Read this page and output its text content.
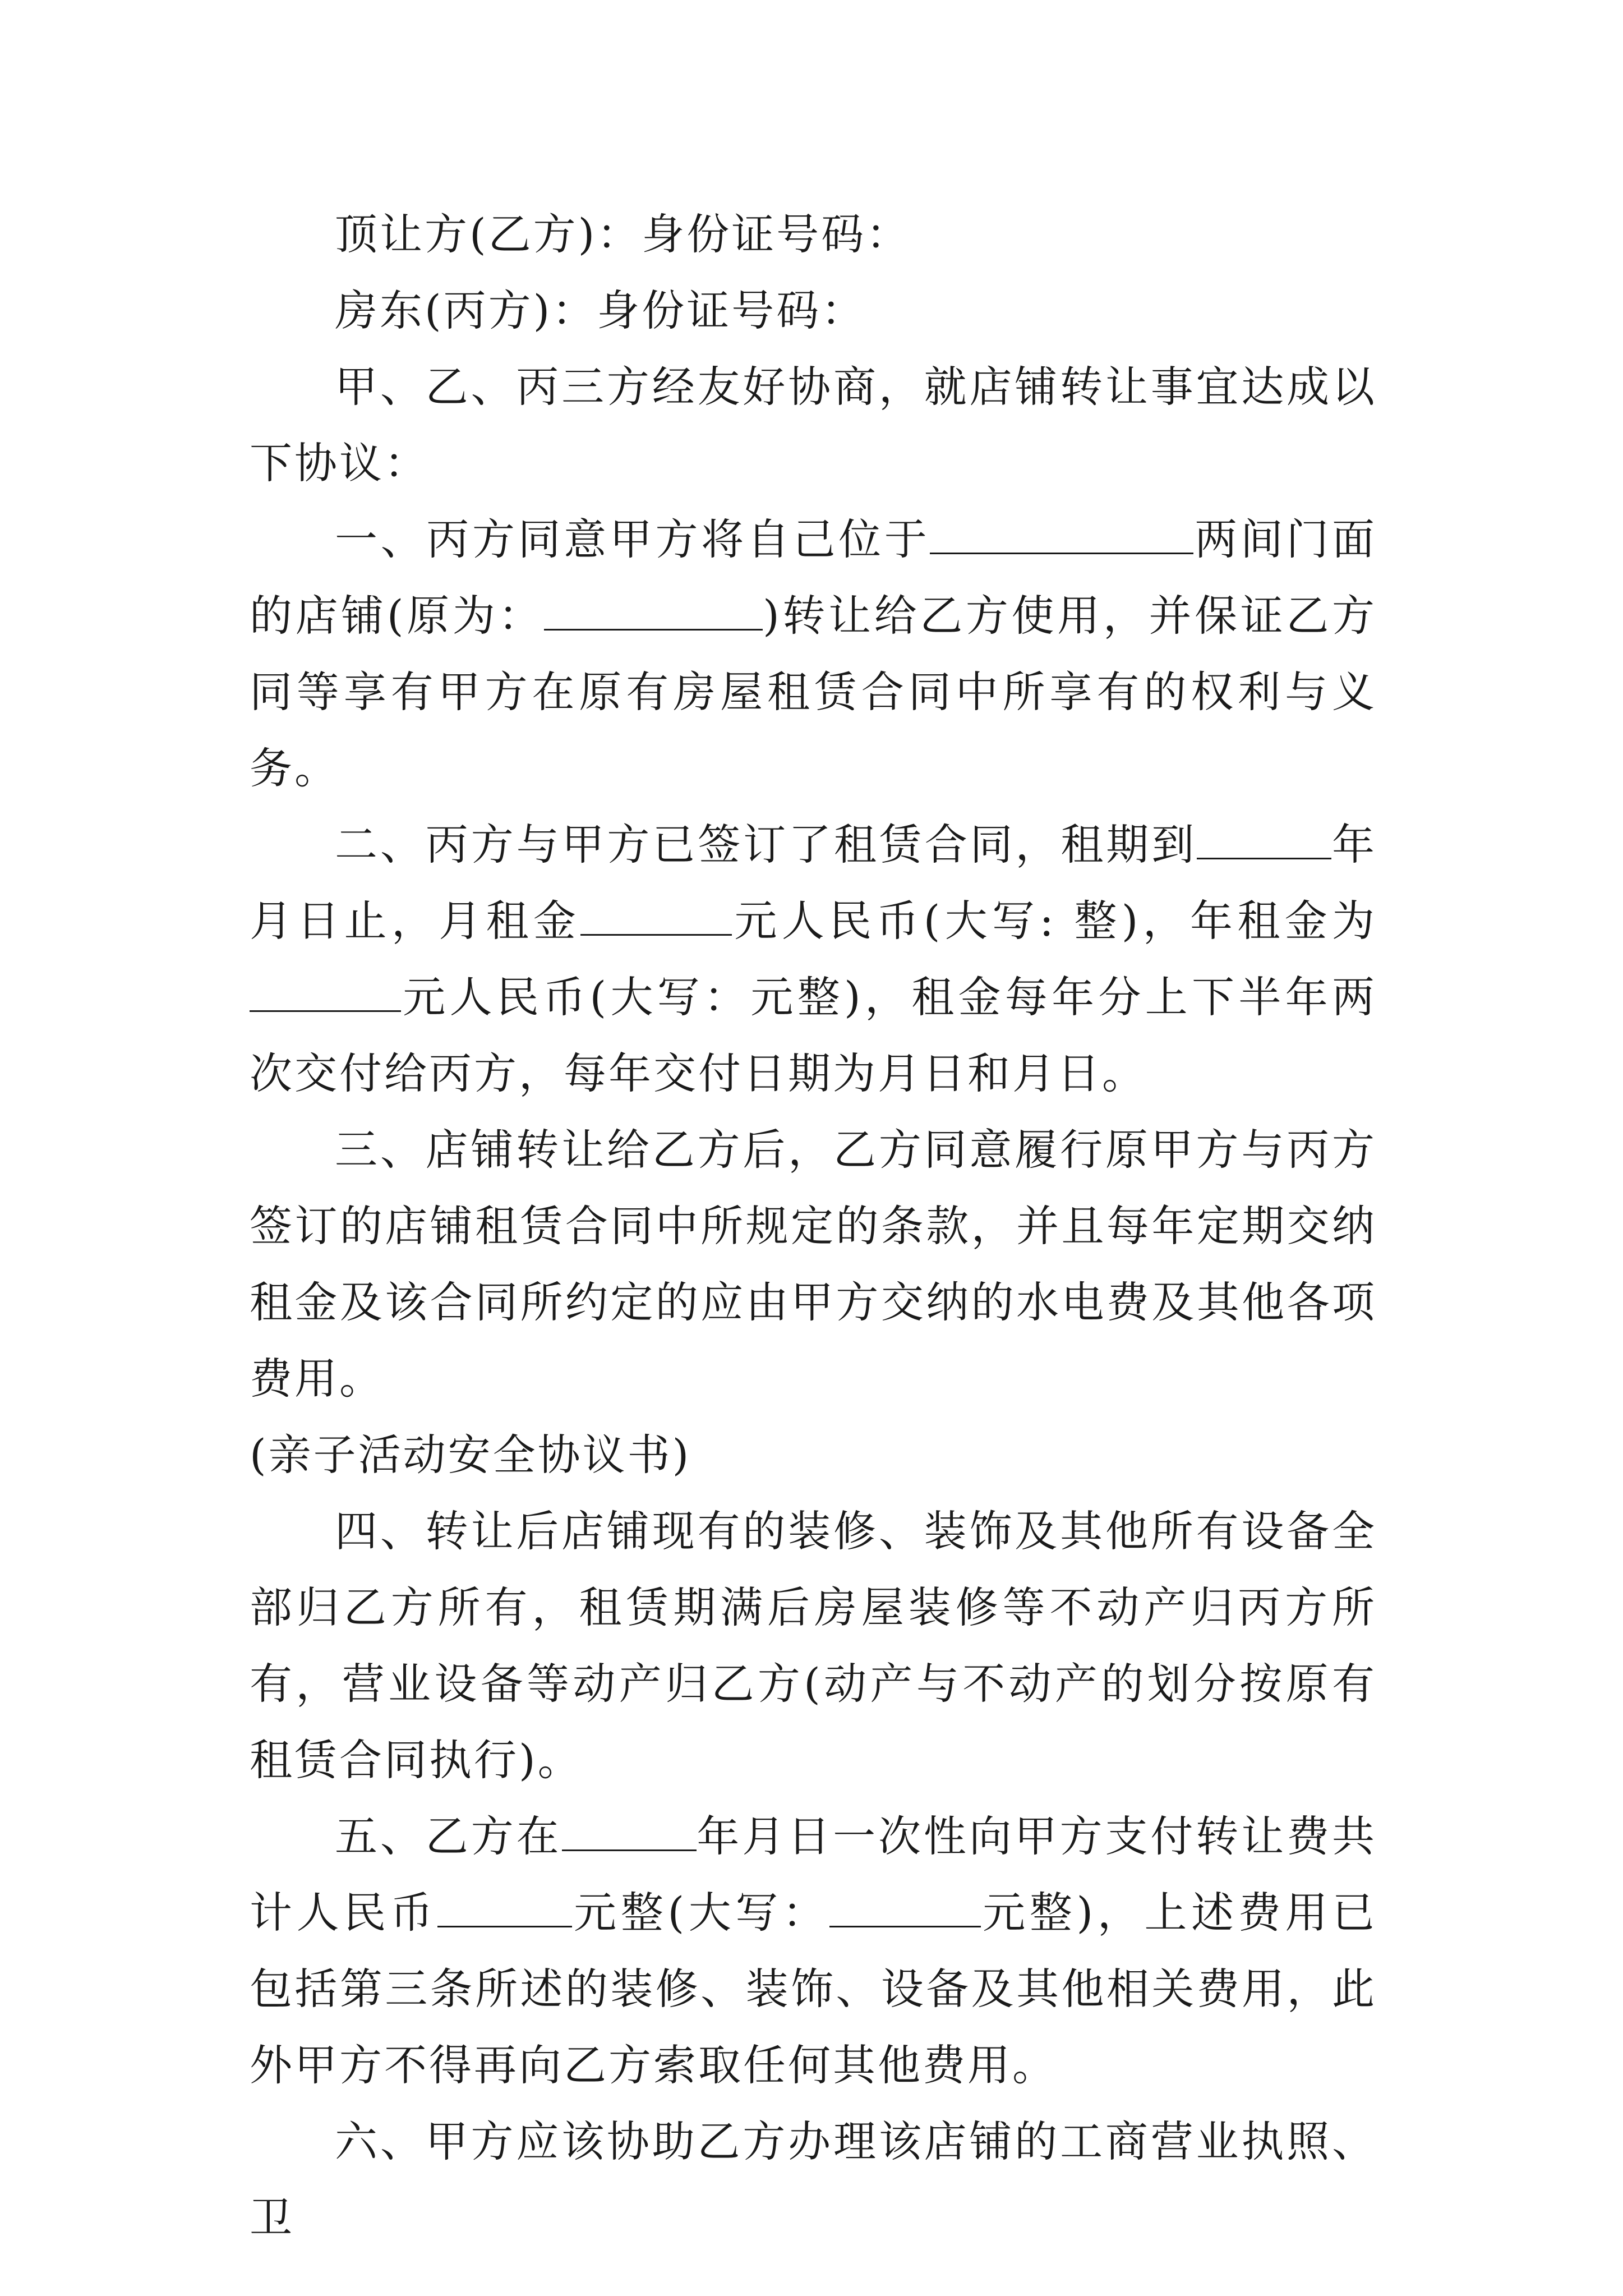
顶让方(乙方)：身份证号码：

房东(丙方)：身份证号码：

甲、乙、丙三方经友好协商，就店铺转让事宜达成以下协议：

一、丙方同意甲方将自己位于	两间门面的店铺(原为：	)转让给乙方使用，并保证乙方同等享有甲方在原有房屋租赁合同中所享有的权利与义务。

二、丙方与甲方已签订了租赁合同，租期到	年月日止，月租金	元人民币(大写: 整)，年租金为元人民币(大写：元整)，租金每年分上下半年两次交付给丙方，每年交付日期为月日和月日。

三、店铺转让给乙方后，乙方同意履行原甲方与丙方签订的店铺租赁合同中所规定的条款，并且每年定期交纳租金及该合同所约定的应由甲方交纳的水电费及其他各项费用。

(亲子活动安全协议书)

四、转让后店铺现有的装修、装饰及其他所有设备全部归乙方所有，租赁期满后房屋装修等不动产归丙方所有，营业设备等动产归乙方(动产与不动产的划分按原有租赁合同执行)。

五、乙方在	年月日一次性向甲方支付转让费共计人民币	元整(大写：	元整)，上述费用已包括第三条所述的装修、装饰、设备及其他相关费用，此外甲方不得再向乙方索取任何其他费用。

六、甲方应该协助乙方办理该店铺的工商营业执照、卫
